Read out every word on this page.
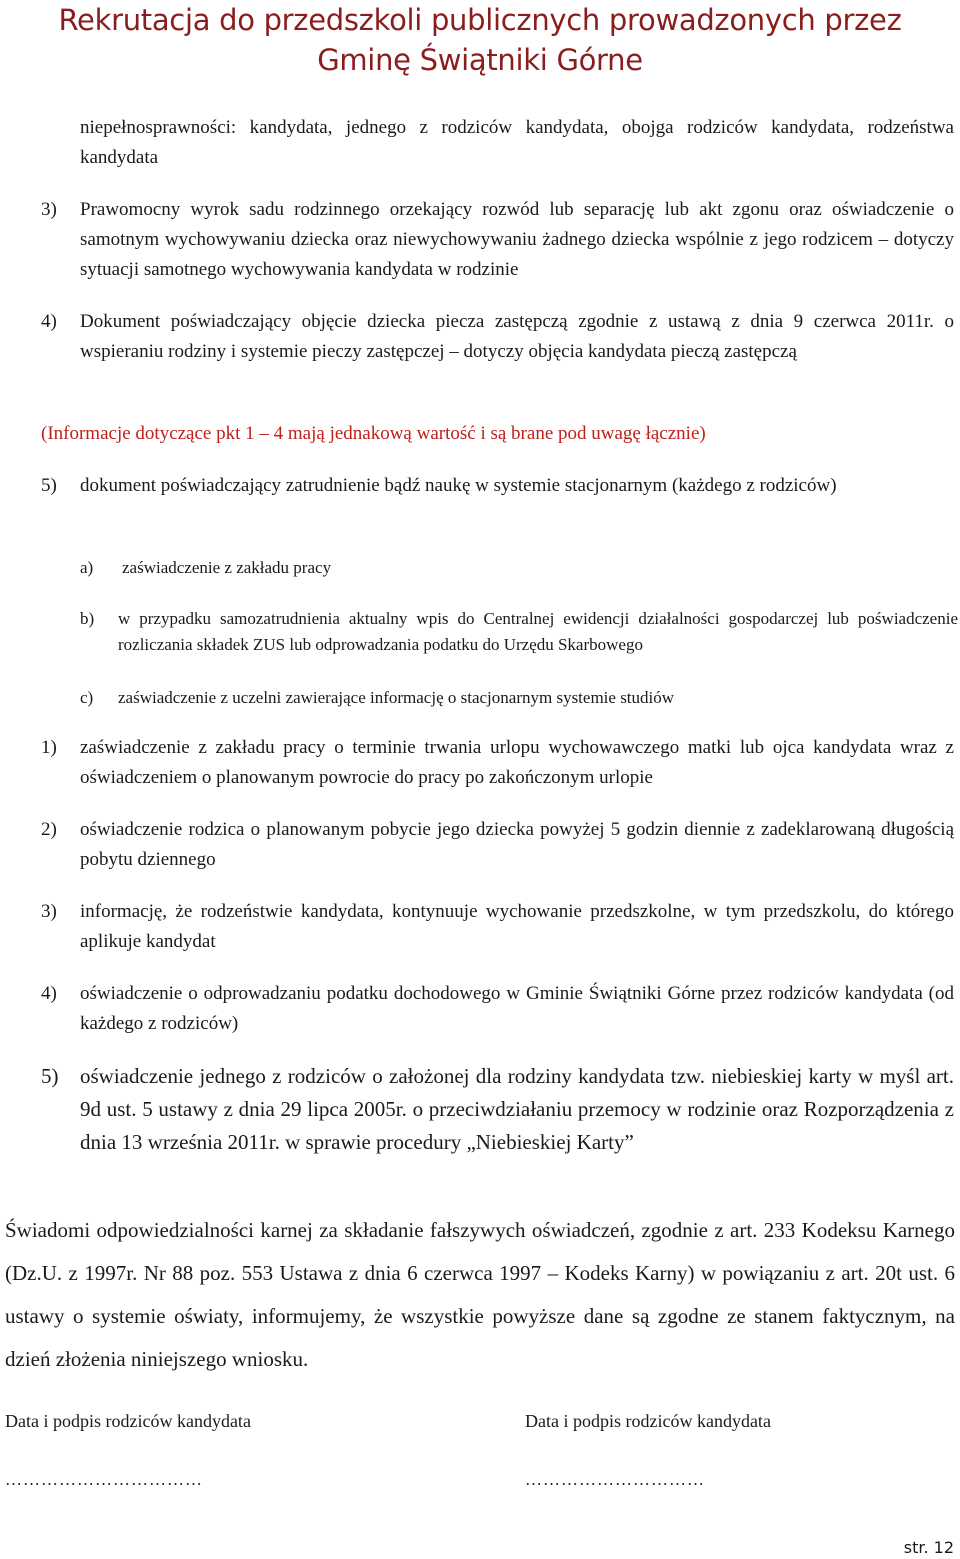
Rekrutacja do przedszkoli publicznych prowadzonych przez
Gminę Świątniki Górne

niepełnosprawności: kandydata, jednego z rodziców kandydata, obojga rodziców kandydata, rodzeństwa kandydata

3) Prawomocny wyrok sadu rodzinnego orzekający rozwód lub separację lub akt zgonu oraz oświadczenie o samotnym wychowywaniu dziecka oraz niewychowywaniu żadnego dziecka wspólnie z jego rodzicem – dotyczy sytuacji samotnego wychowywania kandydata w rodzinie

4) Dokument poświadczający objęcie dziecka piecza zastępczą zgodnie z ustawą z dnia 9 czerwca 2011r. o wspieraniu rodziny i systemie pieczy zastępczej – dotyczy objęcia kandydata pieczą zastępczą

(Informacje dotyczące pkt 1 – 4 mają jednakową wartość i są brane pod uwagę łącznie)

5) dokument poświadczający zatrudnienie bądź naukę w systemie stacjonarnym (każdego z rodziców)

a) zaświadczenie z zakładu pracy

b) w przypadku samozatrudnienia aktualny wpis do Centralnej ewidencji działalności gospodarczej lub poświadczenie rozliczania składek ZUS lub odprowadzania podatku do Urzędu Skarbowego

c) zaświadczenie z uczelni zawierające informację o stacjonarnym systemie studiów

1) zaświadczenie z zakładu pracy o terminie trwania urlopu wychowawczego matki lub ojca kandydata wraz z oświadczeniem o planowanym powrocie do pracy po zakończonym urlopie

2) oświadczenie rodzica o planowanym pobycie jego dziecka powyżej 5 godzin diennie z zadeklarowaną długością pobytu dziennego

3) informację, że rodzeństwie kandydata, kontynuuje wychowanie przedszkolne, w tym przedszkolu, do którego aplikuje kandydat

4) oświadczenie o odprowadzaniu podatku dochodowego w Gminie Świątniki Górne przez rodziców kandydata (od każdego z rodziców)

5) oświadczenie jednego z rodziców o założonej dla rodziny kandydata tzw. niebieskiej karty w myśl art. 9d ust. 5 ustawy z dnia 29 lipca 2005r. o przeciwdziałaniu przemocy w rodzinie oraz Rozporządzenia z dnia 13 września 2011r. w sprawie procedury „Niebieskiej Karty”

Świadomi odpowiedzialności karnej za składanie fałszywych oświadczeń, zgodnie z art. 233 Kodeksu Karnego (Dz.U. z 1997r. Nr 88 poz. 553 Ustawa z dnia 6 czerwca 1997 – Kodeks Karny) w powiązaniu z art. 20t ust. 6 ustawy o systemie oświaty, informujemy, że wszystkie powyższe dane są zgodne ze stanem faktycznym, na dzień złożenia niniejszego wniosku.

Data i podpis rodziców kandydata	Data i podpis rodziców kandydata
……………………………	…………………………
str. 12
